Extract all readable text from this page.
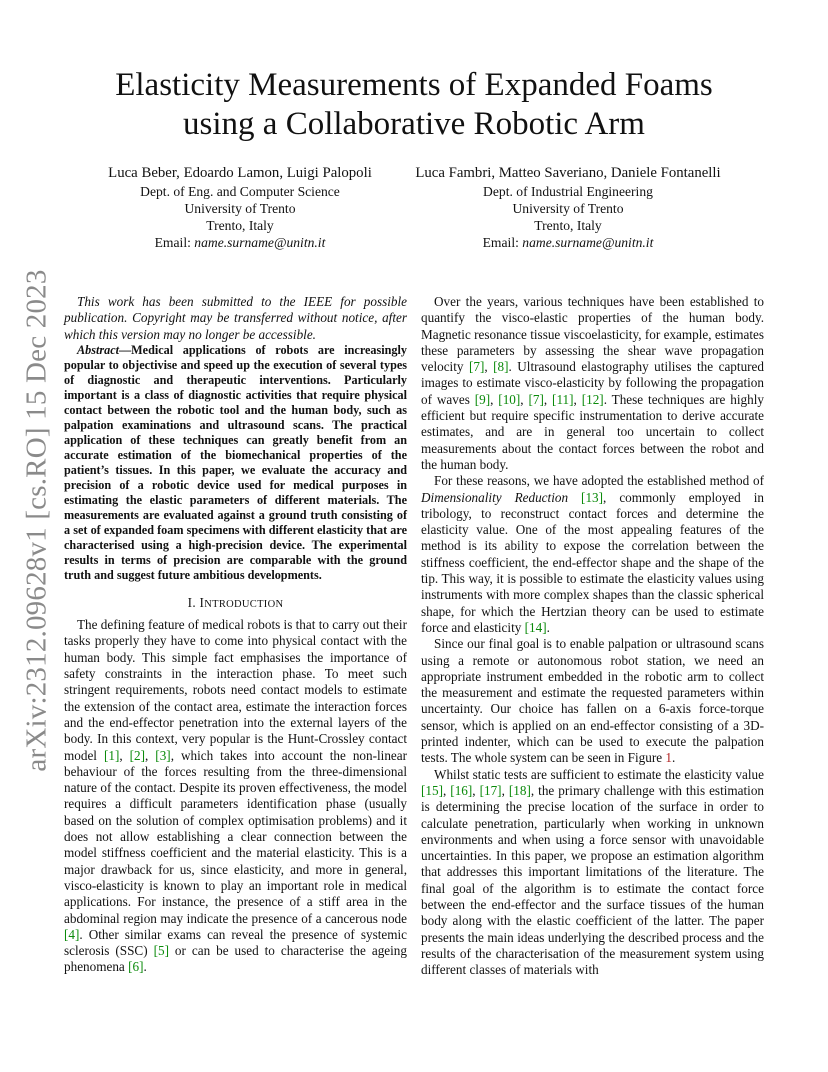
arXiv:2312.09628v1 [cs.RO] 15 Dec 2023
Elasticity Measurements of Expanded Foams
using a Collaborative Robotic Arm
Luca Beber, Edoardo Lamon, Luigi Palopoli
Dept. of Eng. and Computer Science
University of Trento
Trento, Italy
Email: name.surname@unitn.it
Luca Fambri, Matteo Saveriano, Daniele Fontanelli
Dept. of Industrial Engineering
University of Trento
Trento, Italy
Email: name.surname@unitn.it

This work has been submitted to the IEEE for possible publication. Copyright may be transferred without notice, after which this version may no longer be accessible.

Abstract—Medical applications of robots are increasingly popular to objectivise and speed up the execution of several types of diagnostic and therapeutic interventions. Particularly important is a class of diagnostic activities that require physical contact between the robotic tool and the human body, such as palpation examinations and ultrasound scans. The practical application of these techniques can greatly benefit from an accurate estimation of the biomechanical properties of the patient’s tissues. In this paper, we evaluate the accuracy and precision of a robotic device used for medical purposes in estimating the elastic parameters of different materials. The measurements are evaluated against a ground truth consisting of a set of expanded foam specimens with different elasticity that are characterised using a high-precision device. The experimental results in terms of precision are comparable with the ground truth and suggest future ambitious developments.

I. INTRODUCTION

The defining feature of medical robots is that to carry out their tasks properly they have to come into physical contact with the human body. This simple fact emphasises the importance of safety constraints in the interaction phase. To meet such stringent requirements, robots need contact models to estimate the extension of the contact area, estimate the interaction forces and the end-effector penetration into the external layers of the body. In this context, very popular is the Hunt-Crossley contact model [1], [2], [3], which takes into account the non-linear behaviour of the forces resulting from the three-dimensional nature of the contact. Despite its proven effectiveness, the model requires a difficult parameters identification phase (usually based on the solution of complex optimisation problems) and it does not allow establishing a clear connection between the model stiffness coefficient and the material elasticity. This is a major drawback for us, since elasticity, and more in general, visco-elasticity is known to play an important role in medical applications. For instance, the presence of a stiff area in the abdominal region may indicate the presence of a cancerous node [4]. Other similar exams can reveal the presence of systemic sclerosis (SSC) [5] or can be used to characterise the ageing phenomena [6].

Over the years, various techniques have been established to quantify the visco-elastic properties of the human body. Magnetic resonance tissue viscoelasticity, for example, estimates these parameters by assessing the shear wave propagation velocity [7], [8]. Ultrasound elastography utilises the captured images to estimate visco-elasticity by following the propagation of waves [9], [10], [7], [11], [12]. These techniques are highly efficient but require specific instrumentation to derive accurate estimates, and are in general too uncertain to collect measurements about the contact forces between the robot and the human body.

For these reasons, we have adopted the established method of Dimensionality Reduction [13], commonly employed in tribology, to reconstruct contact forces and determine the elasticity value. One of the most appealing features of the method is its ability to expose the correlation between the stiffness coefficient, the end-effector shape and the shape of the tip. This way, it is possible to estimate the elasticity values using instruments with more complex shapes than the classic spherical shape, for which the Hertzian theory can be used to estimate force and elasticity [14].

Since our final goal is to enable palpation or ultrasound scans using a remote or autonomous robot station, we need an appropriate instrument embedded in the robotic arm to collect the measurement and estimate the requested parameters within uncertainty. Our choice has fallen on a 6-axis force-torque sensor, which is applied on an end-effector consisting of a 3D-printed indenter, which can be used to execute the palpation tests. The whole system can be seen in Figure 1.

Whilst static tests are sufficient to estimate the elasticity value [15], [16], [17], [18], the primary challenge with this estimation is determining the precise location of the surface in order to calculate penetration, particularly when working in unknown environments and when using a force sensor with unavoidable uncertainties. In this paper, we propose an estimation algorithm that addresses this important limitations of the literature. The final goal of the algorithm is to estimate the contact force between the end-effector and the surface tissues of the human body along with the elastic coefficient of the latter. The paper presents the main ideas underlying the described process and the results of the characterisation of the measurement system using different classes of materials with
